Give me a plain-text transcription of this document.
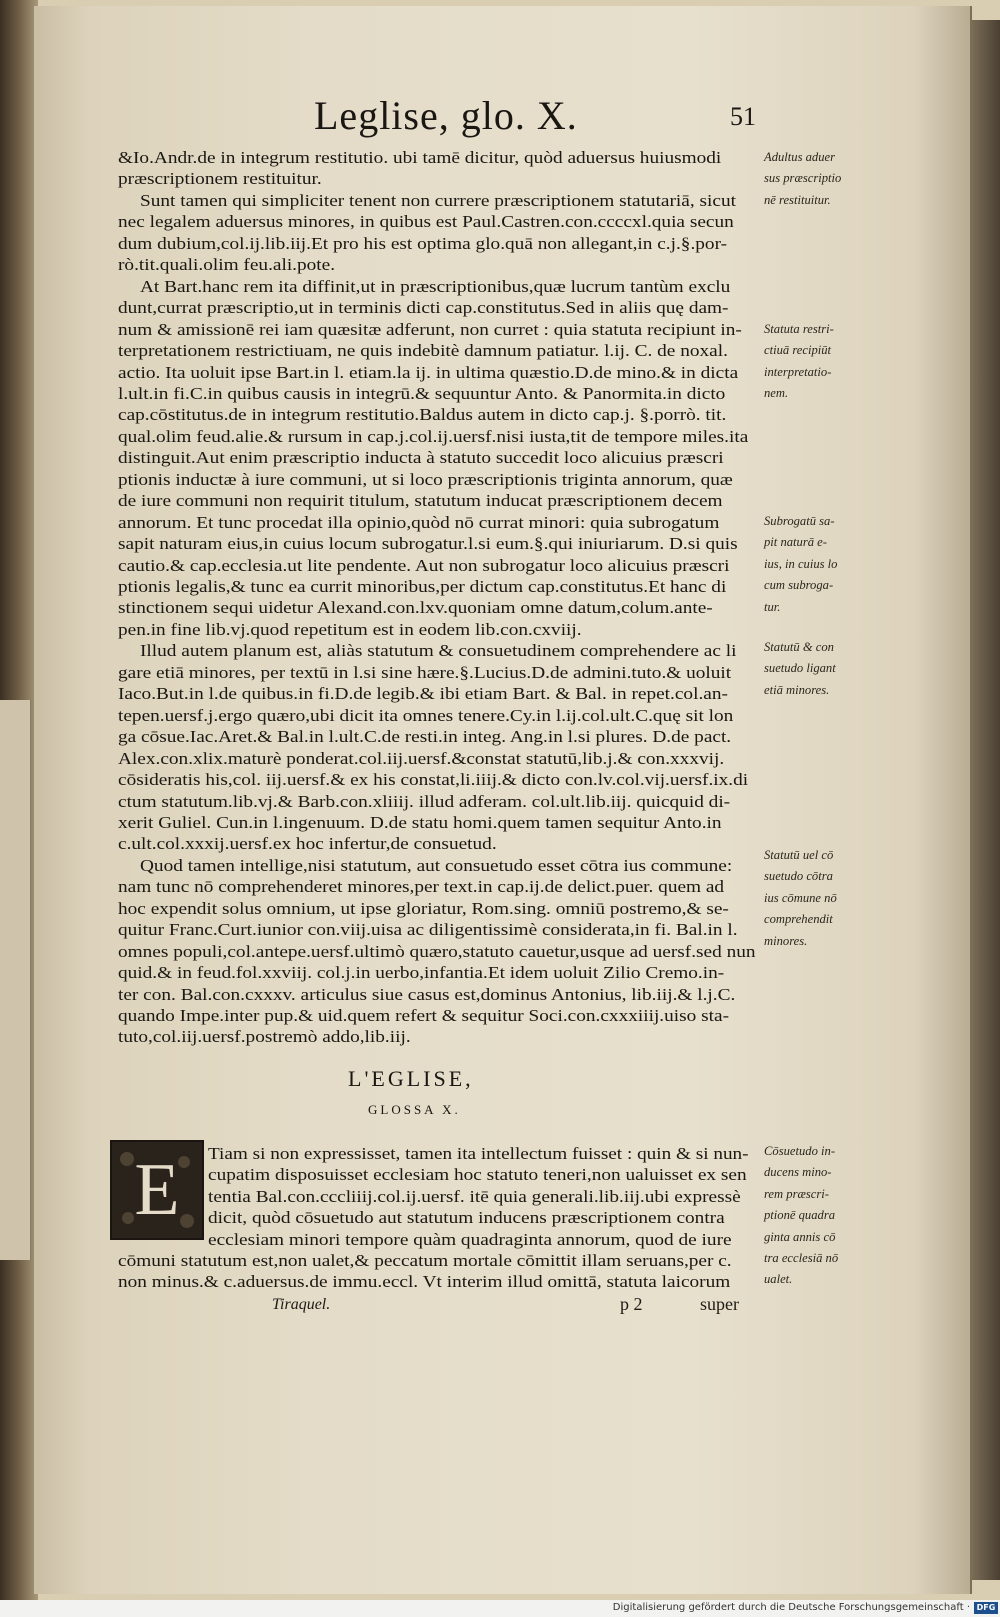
Leglise, glo. X.	51
&Io.Andr.de in integrum restitutio. ubi tamē dicitur, quòd aduersus huiusmodi
præscriptionem restituitur.
Sunt tamen qui simpliciter tenent non currere præscriptionem statutariā, sicut
nec legalem aduersus minores, in quibus est Paul.Castren.con.ccccxl.quia secun
dum dubium,col.ij.lib.iij.Et pro his est optima glo.quā non allegant,in c.j.§.por-
rò.tit.quali.olim feu.ali.pote.
At Bart.hanc rem ita diffinit,ut in præscriptionibus,quæ lucrum tantùm exclu
dunt,currat præscriptio,ut in terminis dicti cap.constitutus.Sed in aliis quę dam-
num & amissionē rei iam quæsitæ adferunt, non curret : quia statuta recipiunt in-
terpretationem restrictiuam, ne quis indebitè damnum patiatur. l.ij. C. de noxal.
actio. Ita uoluit ipse Bart.in l. etiam.la ij. in ultima quæstio.D.de mino.& in dicta
l.ult.in fi.C.in quibus causis in integrū.& sequuntur Anto. & Panormita.in dicto
cap.cōstitutus.de in integrum restitutio.Baldus autem in dicto cap.j. §.porrò. tit.
qual.olim feud.alie.& rursum in cap.j.col.ij.uersf.nisi iusta,tit de tempore miles.ita
distinguit.Aut enim præscriptio inducta à statuto succedit loco alicuius præscri
ptionis inductæ à iure communi, ut si loco præscriptionis triginta annorum, quæ
de iure communi non requirit titulum, statutum inducat præscriptionem decem
annorum. Et tunc procedat illa opinio,quòd nō currat minori: quia subrogatum
sapit naturam eius,in cuius locum subrogatur.l.si eum.§.qui iniuriarum. D.si quis
cautio.& cap.ecclesia.ut lite pendente. Aut non subrogatur loco alicuius præscri
ptionis legalis,& tunc ea currit minoribus,per dictum cap.constitutus.Et hanc di
stinctionem sequi uidetur Alexand.con.lxv.quoniam omne datum,colum.ante-
pen.in fine lib.vj.quod repetitum est in eodem lib.con.cxviij.
Illud autem planum est, aliàs statutum & consuetudinem comprehendere ac li
gare etiā minores, per textū in l.si sine hære.§.Lucius.D.de admini.tuto.& uoluit
Iaco.But.in l.de quibus.in fi.D.de legib.& ibi etiam Bart. & Bal. in repet.col.an-
tepen.uersf.j.ergo quæro,ubi dicit ita omnes tenere.Cy.in l.ij.col.ult.C.quę sit lon
ga cōsue.Iac.Aret.& Bal.in l.ult.C.de resti.in integ. Ang.in l.si plures. D.de pact.
Alex.con.xlix.maturè ponderat.col.iij.uersf.&constat statutū,lib.j.& con.xxxvij.
cōsideratis his,col. iij.uersf.& ex his constat,li.iiij.& dicto con.lv.col.vij.uersf.ix.di
ctum statutum.lib.vj.& Barb.con.xliiij. illud adferam. col.ult.lib.iij. quicquid di-
xerit Guliel. Cun.in l.ingenuum. D.de statu homi.quem tamen sequitur Anto.in
c.ult.col.xxxij.uersf.ex hoc infertur,de consuetud.
Quod tamen intellige,nisi statutum, aut consuetudo esset cōtra ius commune:
nam tunc nō comprehenderet minores,per text.in cap.ij.de delict.puer. quem ad
hoc expendit solus omnium, ut ipse gloriatur, Rom.sing. omniū postremo,& se-
quitur Franc.Curt.iunior con.viij.uisa ac diligentissimè considerata,in fi. Bal.in l.
omnes populi,col.antepe.uersf.ultimò quæro,statuto cauetur,usque ad uersf.sed nun
quid.& in feud.fol.xxviij. col.j.in uerbo,infantia.Et idem uoluit Zilio Cremo.in-
ter con. Bal.con.cxxxv. articulus siue casus est,dominus Antonius, lib.iij.& l.j.C.
quando Impe.inter pup.& uid.quem refert & sequitur Soci.con.cxxxiiij.uiso sta-
tuto,col.iij.uersf.postremò addo,lib.iij.
Adultus aduer
sus præscriptio
nē restituitur.
Statuta restri-
ctiuā recipiūt
interpretatio-
nem.
Subrogatū sa-
pit naturā e-
ius, in cuius lo
cum subroga-
tur.
Statutū & con
suetudo ligant
etiā minores.
Statutū uel cō
suetudo cōtra
ius cōmune nō
comprehendit
minores.
Cōsuetudo in-
ducens mino-
rem præscri-
ptionē quadra
ginta annis cō
tra ecclesiā nō
ualet.
L'EGLISE,
GLOSSA X.
E	Tiam si non expressisset, tamen ita intellectum fuisset : quin & si nun-
cupatim disposuisset ecclesiam hoc statuto teneri,non ualuisset ex sen
tentia Bal.con.cccliiij.col.ij.uersf. itē quia generali.lib.iij.ubi expressè
dicit, quòd cōsuetudo aut statutum inducens præscriptionem contra
ecclesiam minori tempore quàm quadraginta annorum, quod de iure
cōmuni statutum est,non ualet,& peccatum mortale cōmittit illam seruans,per c.
non minus.& c.aduersus.de immu.eccl. Vt interim illud omittā, statuta laicorum
Tiraquel.	p 2	super
Digitalisierung gefördert durch die Deutsche Forschungsgemeinschaft · DFG
